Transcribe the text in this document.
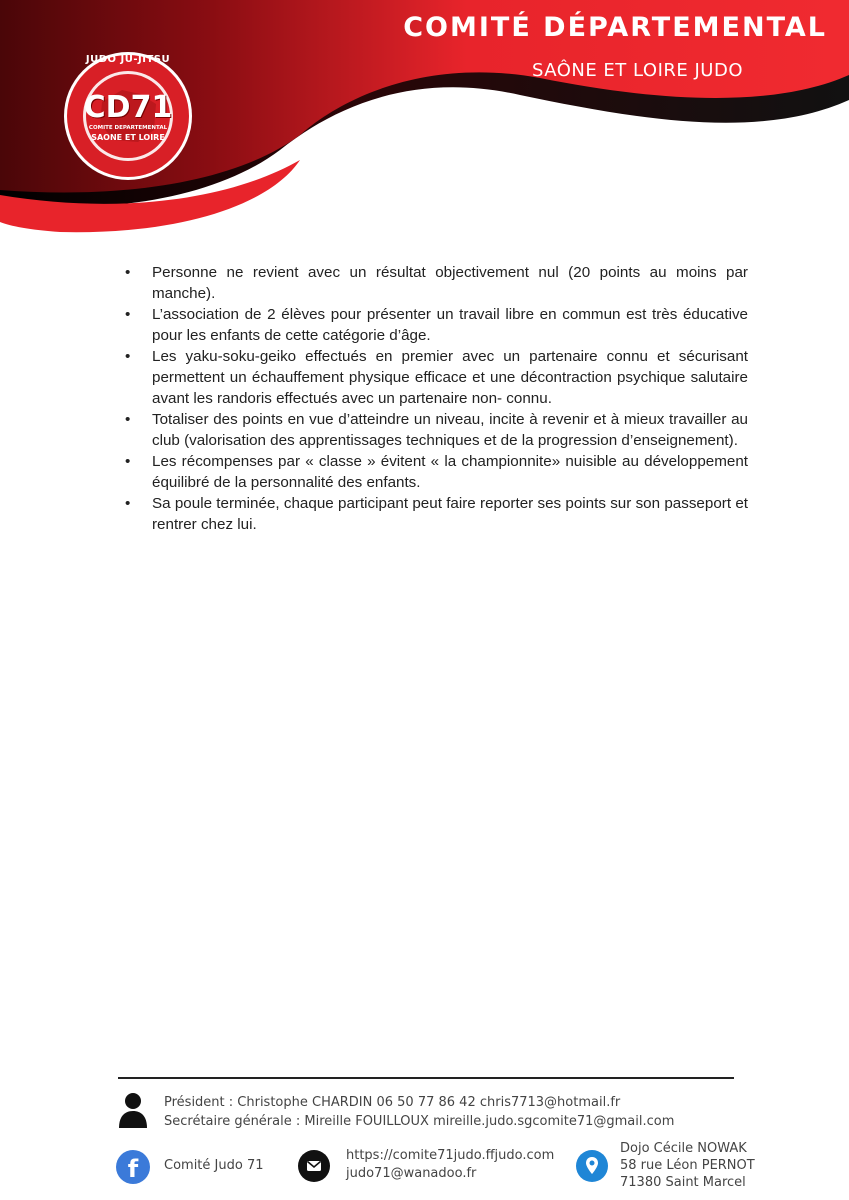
COMITÉ DÉPARTEMENTAL
SAÔNE ET LOIRE JUDO
JUDO JU-JITSU
CD71
COMITE DEPARTEMENTAL
SAONE ET LOIRE
• Personne ne revient avec un résultat objectivement nul (20 points au moins par manche).
• L’association de 2 élèves pour présenter un travail libre en commun est très éducative pour les enfants de cette catégorie d’âge.
• Les yaku-soku-geiko effectués en premier avec un partenaire connu et sécurisant permettent un échauffement physique efficace et une décontraction psychique salutaire avant les randoris effectués avec un partenaire non- connu.
• Totaliser des points en vue d’atteindre un niveau, incite à revenir et à mieux travailler au club (valorisation des apprentissages techniques et de la progression d’enseignement).
• Les récompenses par « classe » évitent « la championnite» nuisible au développement équilibré de la personnalité des enfants.
• Sa poule terminée, chaque participant peut faire reporter ses points sur son passeport et rentrer chez lui.
Président : Christophe CHARDIN 06 50 77 86 42 chris7713@hotmail.fr
Secrétaire générale : Mireille FOUILLOUX mireille.judo.sgcomite71@gmail.com
f	Comité Judo 71
https://comite71judo.ffjudo.com
judo71@wanadoo.fr
Dojo Cécile NOWAK
58 rue Léon PERNOT
71380 Saint Marcel
